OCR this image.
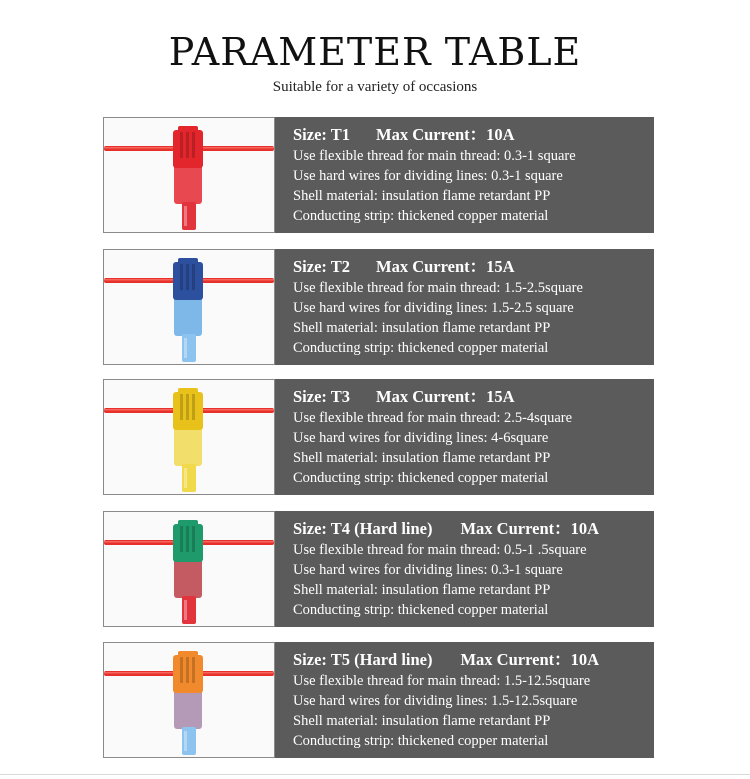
PARAMETER TABLE
Suitable for a variety of occasions
Size: T1 Max Current：10A
Use flexible thread for main thread: 0.3-1 square
Use hard wires for dividing lines: 0.3-1 square
Shell material: insulation flame retardant PP
Conducting strip: thickened copper material
Size: T2 Max Current：15A
Use flexible thread for main thread: 1.5-2.5square
Use hard wires for dividing lines: 1.5-2.5 square
Shell material: insulation flame retardant PP
Conducting strip: thickened copper material
Size: T3 Max Current：15A
Use flexible thread for main thread: 2.5-4square
Use hard wires for dividing lines: 4-6square
Shell material: insulation flame retardant PP
Conducting strip: thickened copper material
Size: T4 (Hard line) Max Current：10A
Use flexible thread for main thread: 0.5-1 .5square
Use hard wires for dividing lines: 0.3-1 square
Shell material: insulation flame retardant PP
Conducting strip: thickened copper material
Size: T5 (Hard line) Max Current：10A
Use flexible thread for main thread: 1.5-12.5square
Use hard wires for dividing lines: 1.5-12.5square
Shell material: insulation flame retardant PP
Conducting strip: thickened copper material
